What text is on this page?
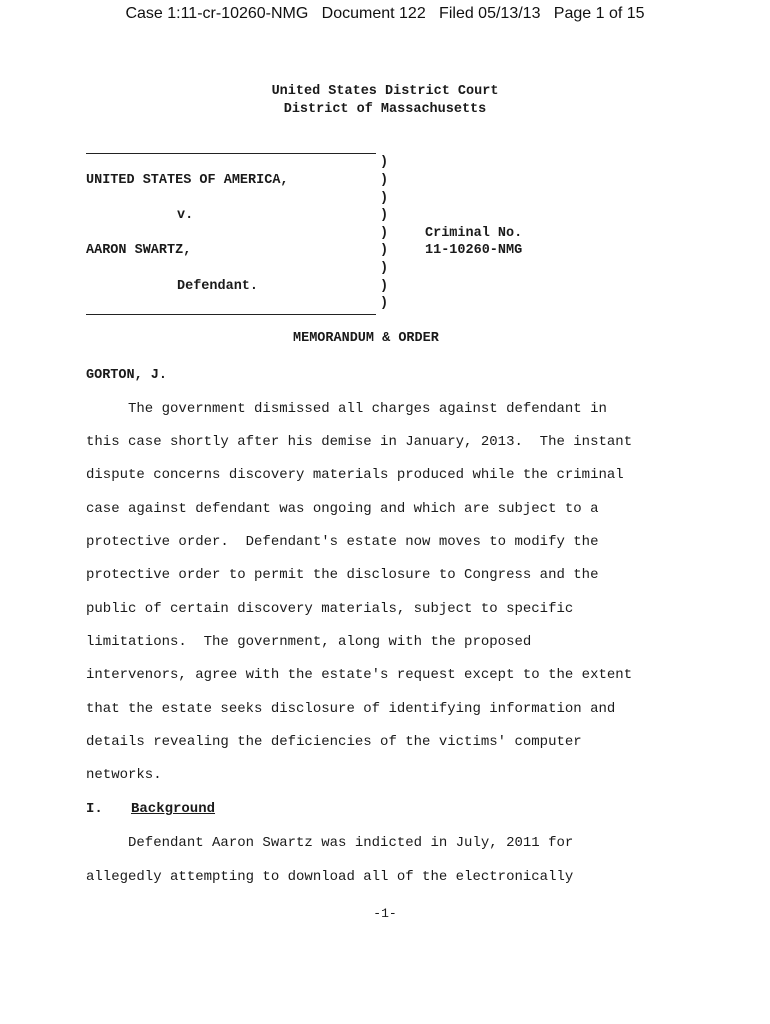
Case 1:11-cr-10260-NMG   Document 122   Filed 05/13/13   Page 1 of 15
United States District Court
District of Massachusetts
UNITED STATES OF AMERICA,
v.
AARON SWARTZ,
Defendant.
)
)
)
)
)
)
)
)
)
Criminal No.
11-10260-NMG
MEMORANDUM & ORDER
GORTON, J.
The government dismissed all charges against defendant in
this case shortly after his demise in January, 2013.  The instant
dispute concerns discovery materials produced while the criminal
case against defendant was ongoing and which are subject to a
protective order.  Defendant's estate now moves to modify the
protective order to permit the disclosure to Congress and the
public of certain discovery materials, subject to specific
limitations.  The government, along with the proposed
intervenors, agree with the estate's request except to the extent
that the estate seeks disclosure of identifying information and
details revealing the deficiencies of the victims' computer
networks.
I. Background
Defendant Aaron Swartz was indicted in July, 2011 for
allegedly attempting to download all of the electronically
-1-
